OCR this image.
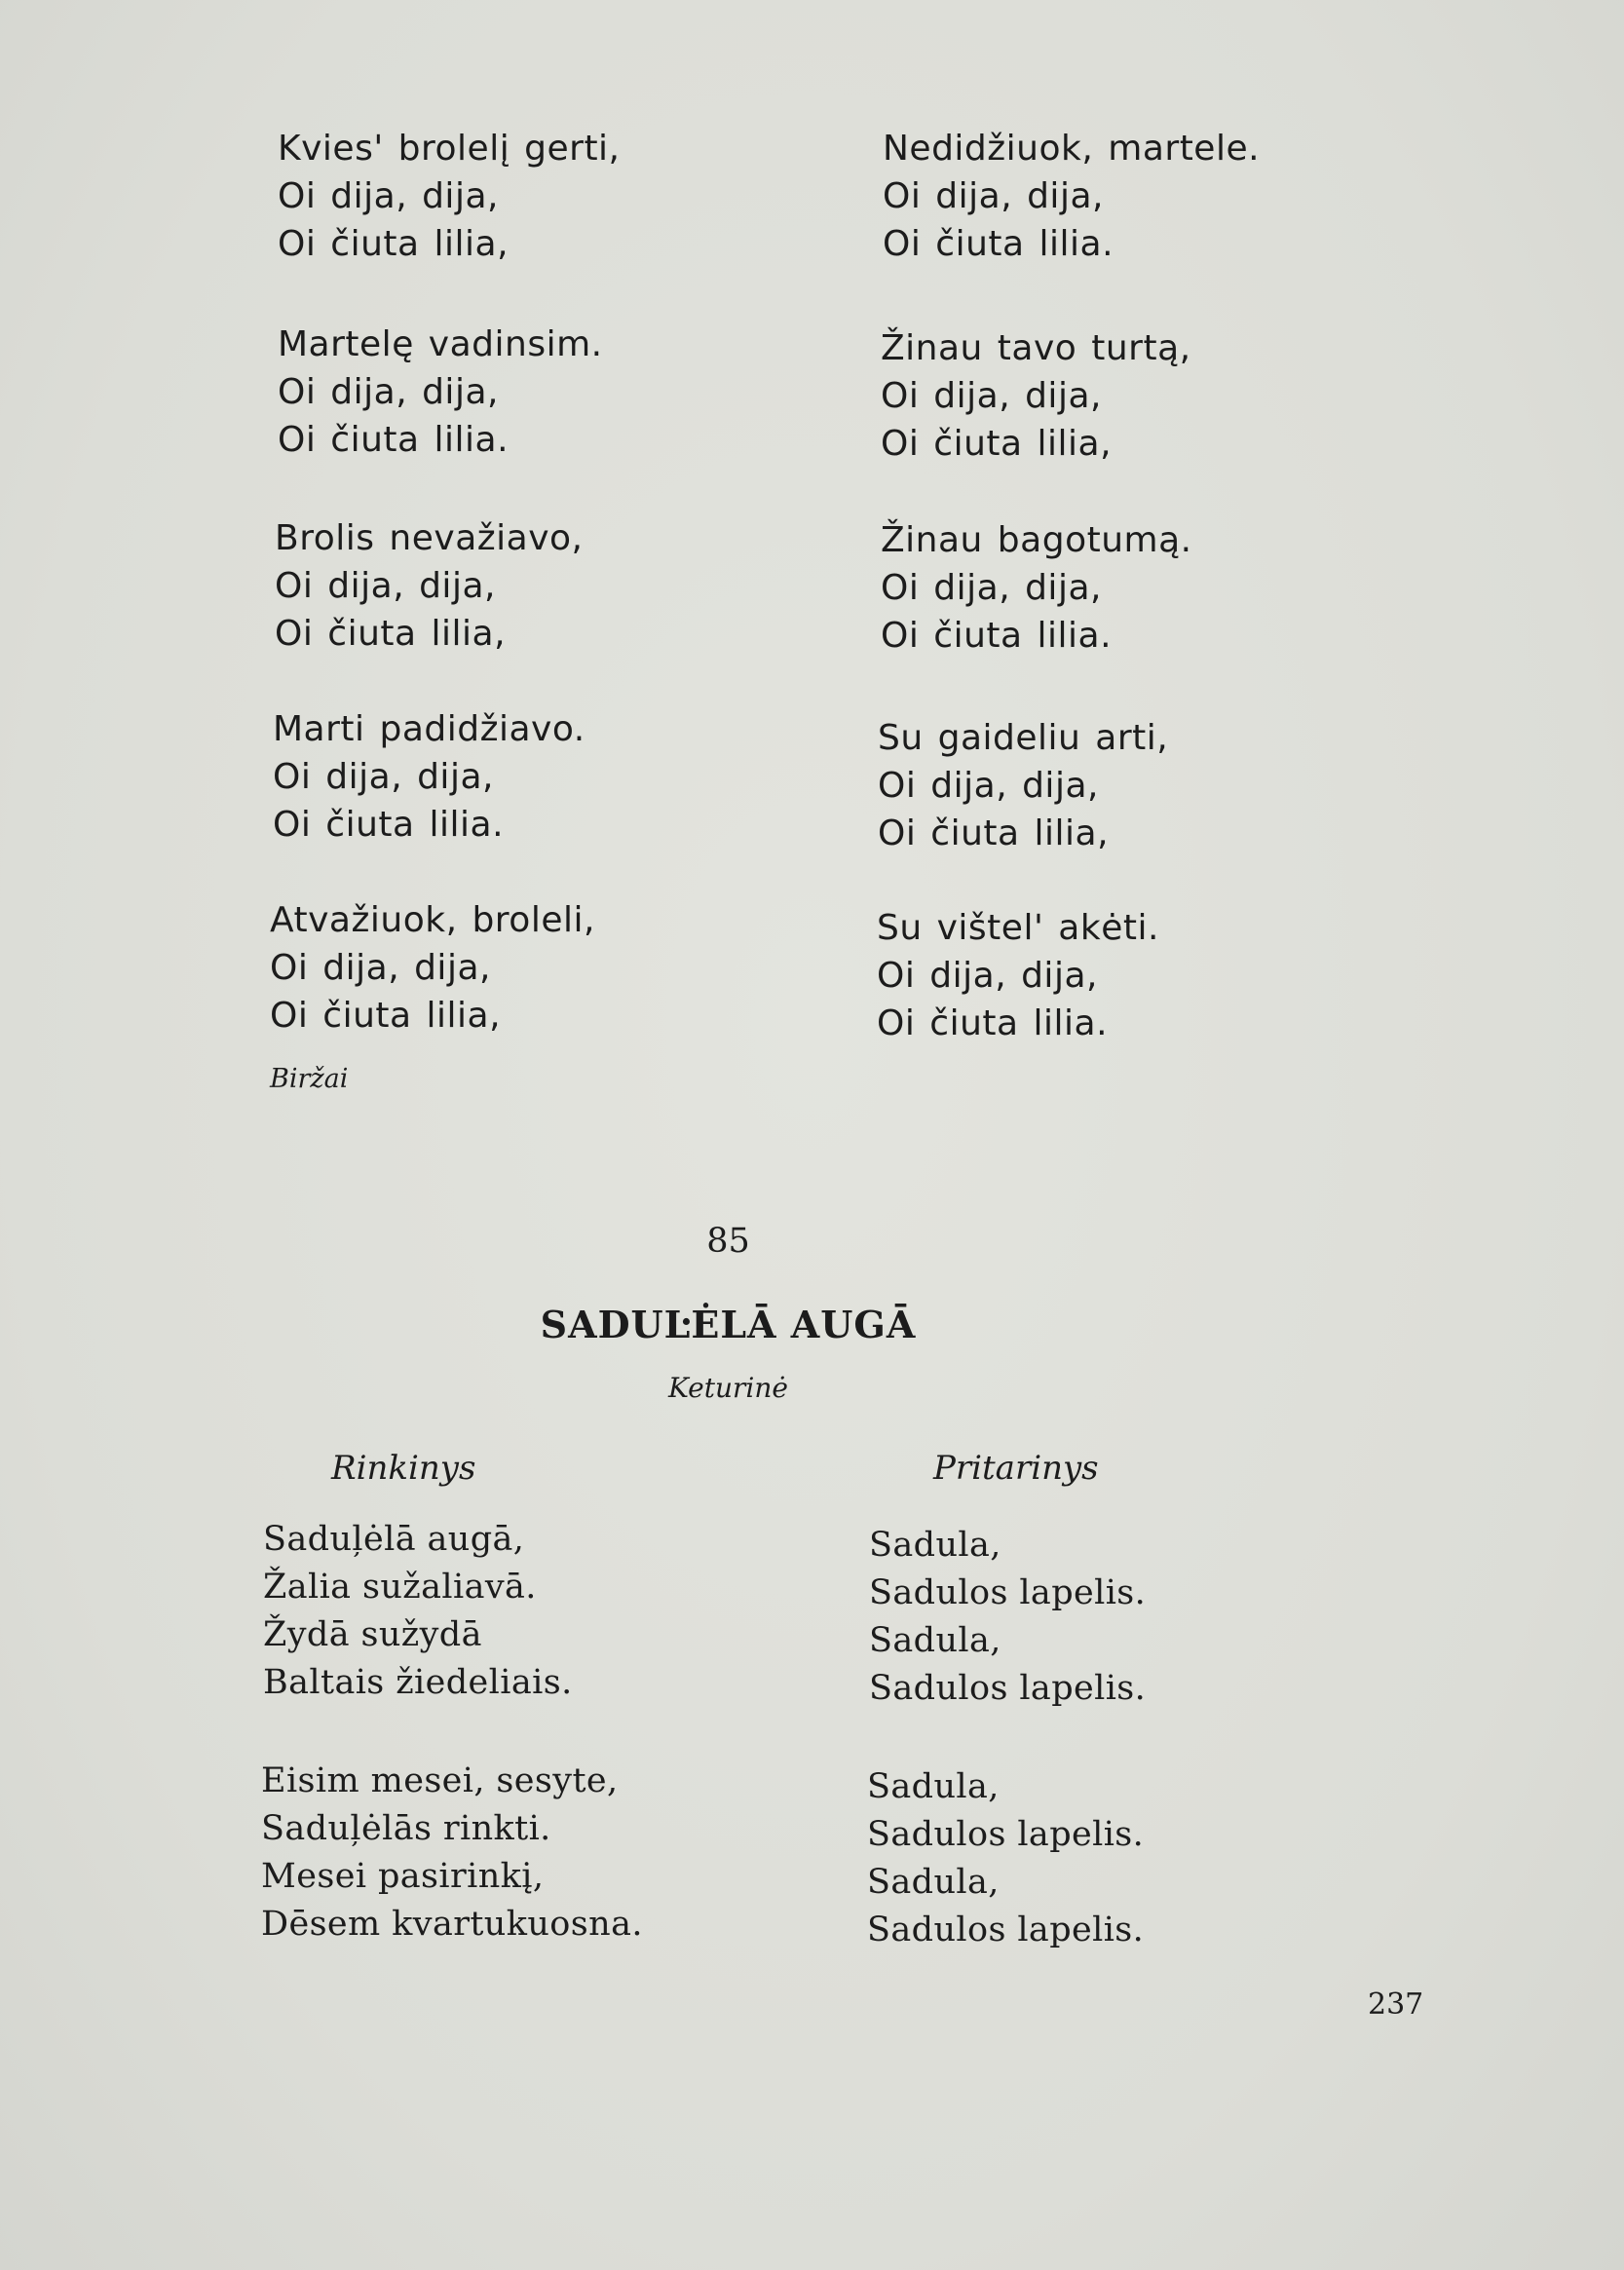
Kvies' brolelį gerti,
Oi dija, dija,
Oi čiuta lilia,
Martelę vadinsim.
Oi dija, dija,
Oi čiuta lilia.
Brolis nevažiavo,
Oi dija, dija,
Oi čiuta lilia,
Marti padidžiavo.
Oi dija, dija,
Oi čiuta lilia.
Atvažiuok, broleli,
Oi dija, dija,
Oi čiuta lilia,
Nedidžiuok, martele.
Oi dija, dija,
Oi čiuta lilia.
Žinau tavo turtą,
Oi dija, dija,
Oi čiuta lilia,
Žinau bagotumą.
Oi dija, dija,
Oi čiuta lilia.
Su gaideliu arti,
Oi dija, dija,
Oi čiuta lilia,
Su vištel' akėti.
Oi dija, dija,
Oi čiuta lilia.
Biržai
85
SADUĿĖLĀ AUGĀ
Keturinė
Rinkinys	Pritarinys
Saduļėlā augā,
Žalia sužaliavā.
Žydā sužydā
Baltais žiedeliais.
Eisim mesei, sesyte,
Saduļėlās rinkti.
Mesei pasirinkį,
Dēsem kvartukuosna.
Sadula,
Sadulos lapelis.
Sadula,
Sadulos lapelis.
Sadula,
Sadulos lapelis.
Sadula,
Sadulos lapelis.
237
